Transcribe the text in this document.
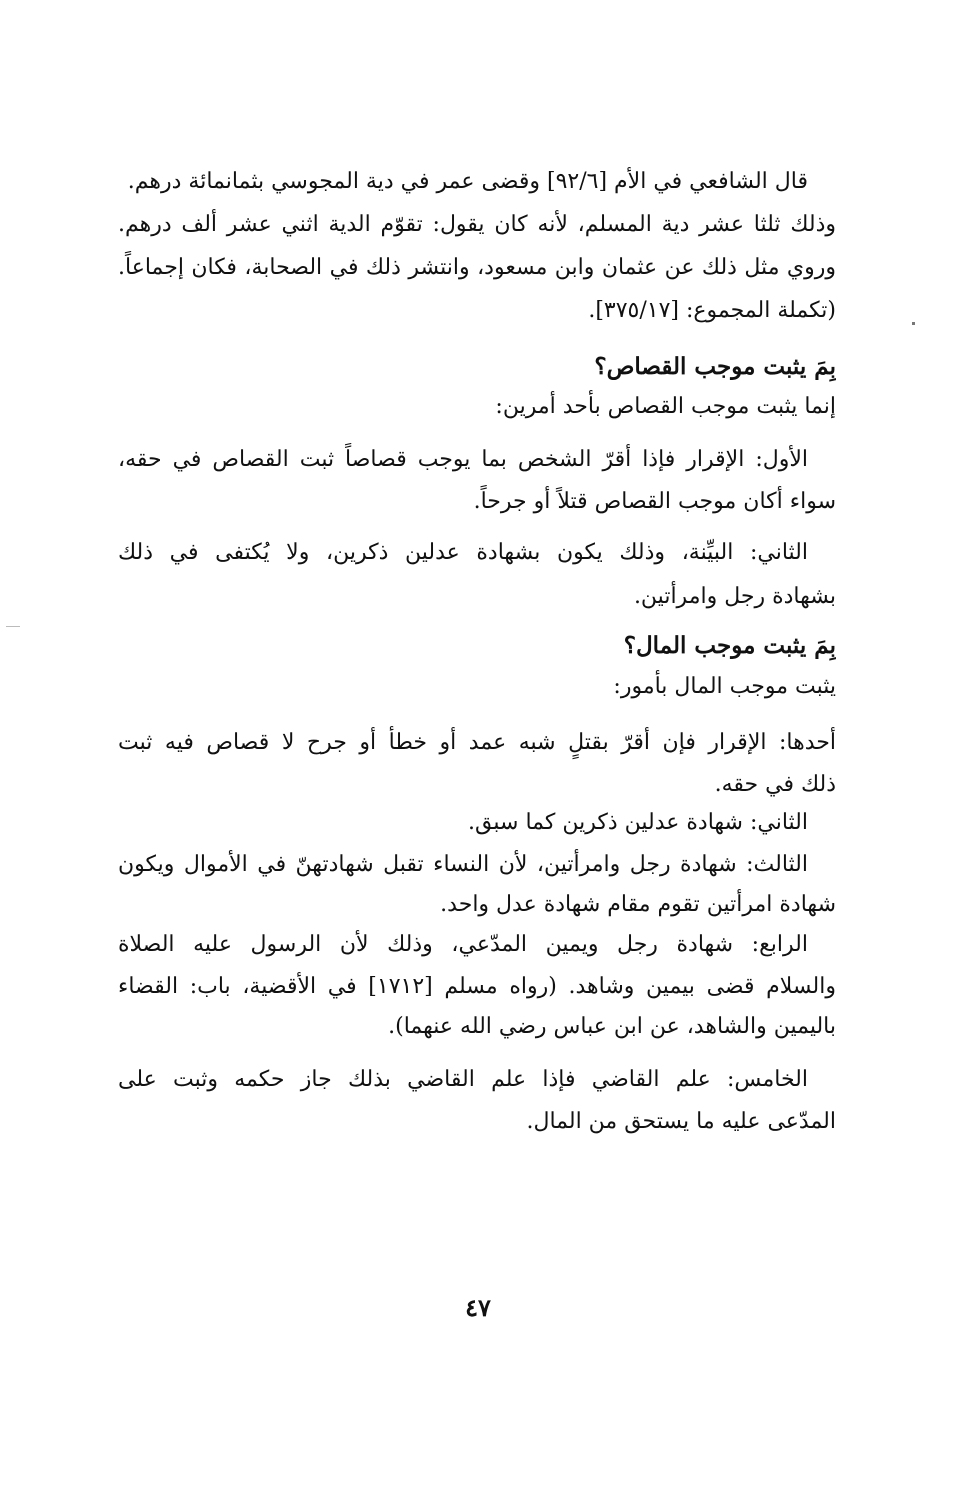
قال الشافعي في الأم [٩٢/٦] وقضى عمر في دية المجوسي بثمانمائة درهم.
وذلك ثلثا عشر دية المسلم، لأنه كان يقول: تقوّم الدية اثني عشر ألف درهم.
وروي مثل ذلك عن عثمان وابن مسعود، وانتشر ذلك في الصحابة، فكان إجماعاً.
(تكملة المجموع: [٣٧٥/١٧].
بِمَ يثبت موجب القصاص؟
إنما يثبت موجب القصاص بأحد أمرين:
الأول: الإقرار فإذا أقرّ الشخص بما يوجب قصاصاً ثبت القصاص في حقه،
سواء أكان موجب القصاص قتلاً أو جرحاً.
الثاني: البيِّنة، وذلك يكون بشهادة عدلين ذكرين، ولا يُكتفى في ذلك
بشهادة رجل وامرأتين.
بِمَ يثبت موجب المال؟
يثبت موجب المال بأمور:
أحدها: الإقرار فإن أقرّ بقتلٍ شبه عمد أو خطأ أو جرح لا قصاص فيه ثبت
ذلك في حقه.
الثاني: شهادة عدلين ذكرين كما سبق.
الثالث: شهادة رجل وامرأتين، لأن النساء تقبل شهادتهنّ في الأموال ويكون
شهادة امرأتين تقوم مقام شهادة عدل واحد.
الرابع: شهادة رجل ويمين المدّعي، وذلك لأن الرسول عليه الصلاة
والسلام قضى بيمين وشاهد. (رواه مسلم [١٧١٢] في الأقضية، باب: القضاء
باليمين والشاهد، عن ابن عباس رضي الله عنهما).
الخامس: علم القاضي فإذا علم القاضي بذلك جاز حكمه وثبت على
المدّعى عليه ما يستحق من المال.
٤٧
